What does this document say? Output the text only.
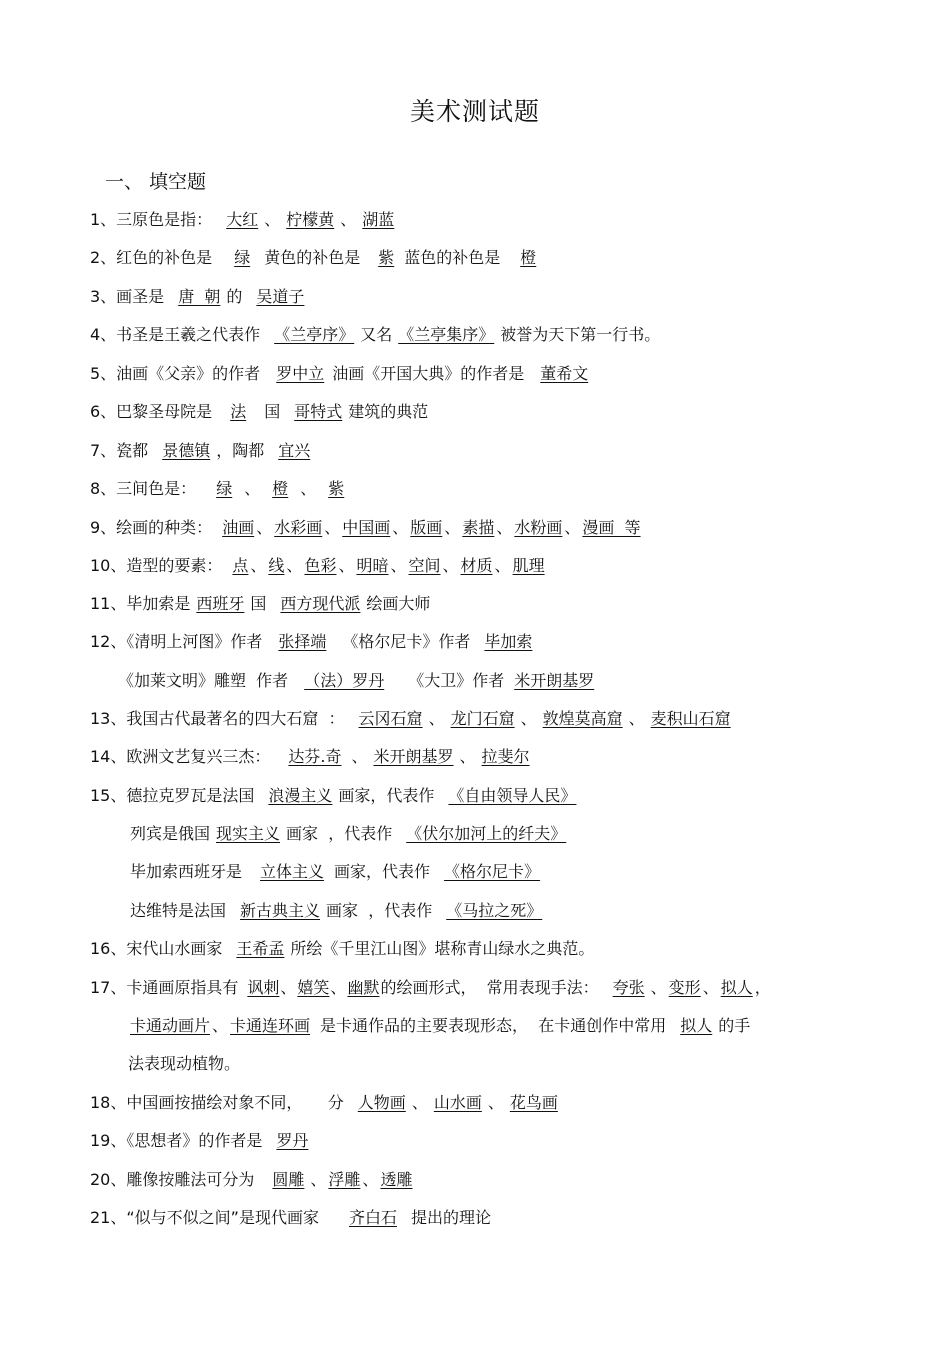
美术测试题
一、 填空题
1、三原色是指： 大红 、 柠檬黄 、 湖蓝
2、红色的补色是 绿 黄色的补色是 紫 蓝色的补色是 橙
3、画圣是 唐  朝 的 吴道子
4、书圣是王羲之代表作 《兰亭序》 又名 《兰亭集序》 被誉为天下第一行书。
5、油画《父亲》的作者 罗中立 油画《开国大典》的作者是 董希文
6、巴黎圣母院是 法 国 哥特式 建筑的典范
7、瓷都 景德镇 ，陶都 宜兴
8、三间色是： 绿 、 橙 、 紫
9、绘画的种类： 油画 、 水彩画 、 中国画 、 版画 、 素描 、 水粉画 、 漫画  等
10、造型的要素： 点 、 线 、 色彩 、 明暗 、 空间 、 材质 、 肌理
11、毕加索是 西班牙 国 西方现代派 绘画大师
12、《清明上河图》作者 张择端 《格尔尼卡》作者 毕加索
《加莱文明》雕塑  作者 （法）罗丹 《大卫》作者 米开朗基罗
13、我国古代最著名的四大石窟  ： 云冈石窟 、 龙门石窟 、 敦煌莫高窟 、 麦积山石窟
14、欧洲文艺复兴三杰： 达芬.奇 、 米开朗基罗 、 拉斐尔
15、德拉克罗瓦是法国 浪漫主义 画家，代表作 《自由领导人民》
列宾是俄国 现实主义 画家  ，代表作 《伏尔加河上的纤夫》
毕加索西班牙是 立体主义 画家，代表作 《格尔尼卡》
达维特是法国 新古典主义 画家  ，代表作 《马拉之死》
16、宋代山水画家 王希孟 所绘《千里江山图》堪称青山绿水之典范。
17、卡通画原指具有 讽刺、嬉笑、幽默的绘画形式，  常用表现手法： 夸张 、 变形 、 拟人 ，
卡通动画片 、 卡通连环画 是卡通作品的主要表现形态，  在卡通创作中常用 拟人 的手
法表现动植物。
18、中国画按描绘对象不同，     分 人物画 、 山水画 、 花鸟画
19、《思想者》的作者是 罗丹
20、雕像按雕法可分为 圆雕 、 浮雕 、 透雕
21、“似与不似之间”是现代画家 齐白石 提出的理论
